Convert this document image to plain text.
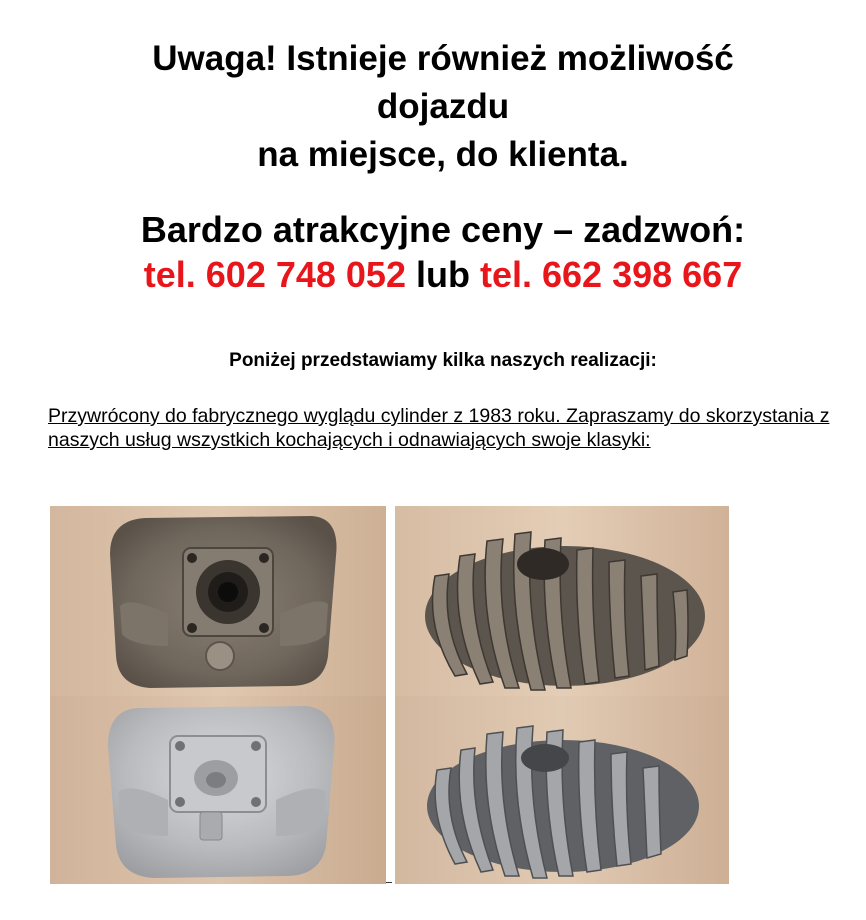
Uwaga! Istnieje również możliwość
dojazdu
na miejsce, do klienta.
Bardzo atrakcyjne ceny – zadzwoń:
tel. 602 748 052 lub tel. 662 398 667
Poniżej przedstawiamy kilka naszych realizacji:
Przywrócony do fabrycznego wyglądu cylinder z 1983 roku. Zapraszamy do skorzystania z naszych usług wszystkich kochających i odnawiających swoje klasyki:
